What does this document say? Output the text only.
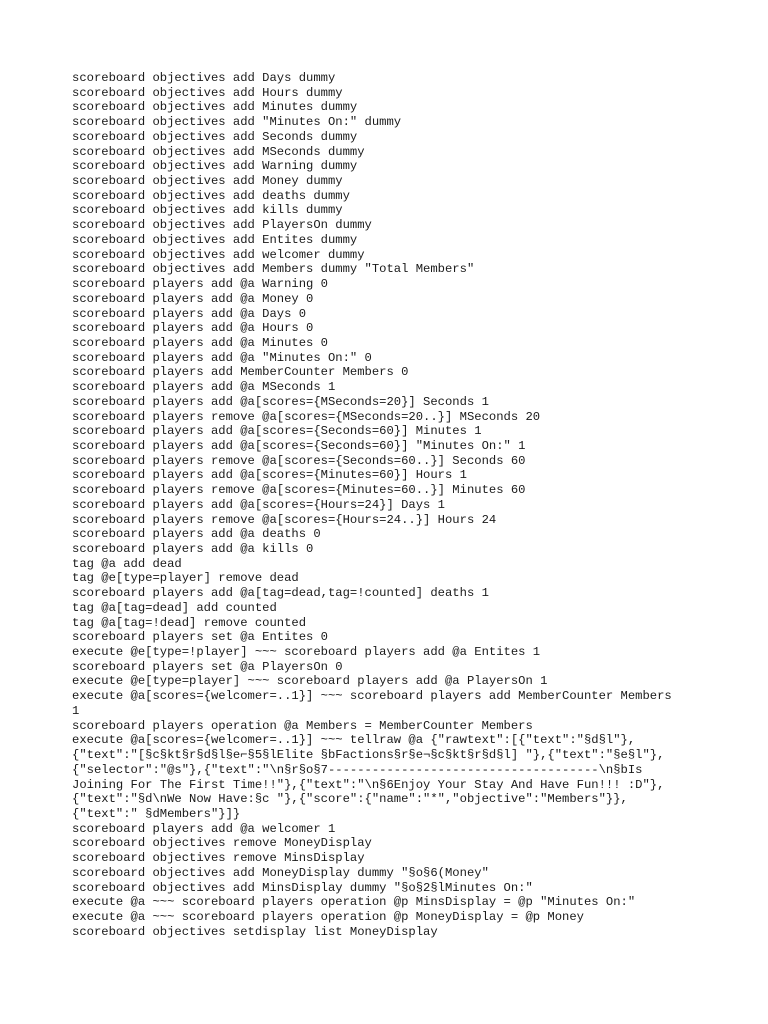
scoreboard objectives add Days dummy
scoreboard objectives add Hours dummy
scoreboard objectives add Minutes dummy
scoreboard objectives add "Minutes On:" dummy
scoreboard objectives add Seconds dummy
scoreboard objectives add MSeconds dummy
scoreboard objectives add Warning dummy
scoreboard objectives add Money dummy
scoreboard objectives add deaths dummy
scoreboard objectives add kills dummy
scoreboard objectives add PlayersOn dummy
scoreboard objectives add Entites dummy
scoreboard objectives add welcomer dummy
scoreboard objectives add Members dummy "Total Members"
scoreboard players add @a Warning 0
scoreboard players add @a Money 0
scoreboard players add @a Days 0
scoreboard players add @a Hours 0
scoreboard players add @a Minutes 0
scoreboard players add @a "Minutes On:" 0
scoreboard players add MemberCounter Members 0
scoreboard players add @a MSeconds 1
scoreboard players add @a[scores={MSeconds=20}] Seconds 1
scoreboard players remove @a[scores={MSeconds=20..}] MSeconds 20
scoreboard players add @a[scores={Seconds=60}] Minutes 1
scoreboard players add @a[scores={Seconds=60}] "Minutes On:" 1
scoreboard players remove @a[scores={Seconds=60..}] Seconds 60
scoreboard players add @a[scores={Minutes=60}] Hours 1
scoreboard players remove @a[scores={Minutes=60..}] Minutes 60
scoreboard players add @a[scores={Hours=24}] Days 1
scoreboard players remove @a[scores={Hours=24..}] Hours 24
scoreboard players add @a deaths 0
scoreboard players add @a kills 0
tag @a add dead
tag @e[type=player] remove dead
scoreboard players add @a[tag=dead,tag=!counted] deaths 1
tag @a[tag=dead] add counted
tag @a[tag=!dead] remove counted
scoreboard players set @a Entites 0
execute @e[type=!player] ~~~ scoreboard players add @a Entites 1
scoreboard players set @a PlayersOn 0
execute @e[type=player] ~~~ scoreboard players add @a PlayersOn 1
execute @a[scores={welcomer=..1}] ~~~ scoreboard players add MemberCounter Members
1
scoreboard players operation @a Members = MemberCounter Members
execute @a[scores={welcomer=..1}] ~~~ tellraw @a {"rawtext":[{"text":"§d§l"},
{"text":"[§c§kt§r§d§l§e⌐§5§lElite §bFactions§r§e¬§c§kt§r§d§l] "},{"text":"§e§l"},
{"selector":"@s"},{"text":"\n§r§o§7-------------------------------------\n§bIs
Joining For The First Time!!"},{"text":"\n§6Enjoy Your Stay And Have Fun!!! :D"},
{"text":"§d\nWe Now Have:§c "},{"score":{"name":"*","objective":"Members"}},
{"text":" §dMembers"}]}
scoreboard players add @a welcomer 1
scoreboard objectives remove MoneyDisplay
scoreboard objectives remove MinsDisplay
scoreboard objectives add MoneyDisplay dummy "§o§6(Money"
scoreboard objectives add MinsDisplay dummy "§o§2§lMinutes On:"
execute @a ~~~ scoreboard players operation @p MinsDisplay = @p "Minutes On:"
execute @a ~~~ scoreboard players operation @p MoneyDisplay = @p Money
scoreboard objectives setdisplay list MoneyDisplay
